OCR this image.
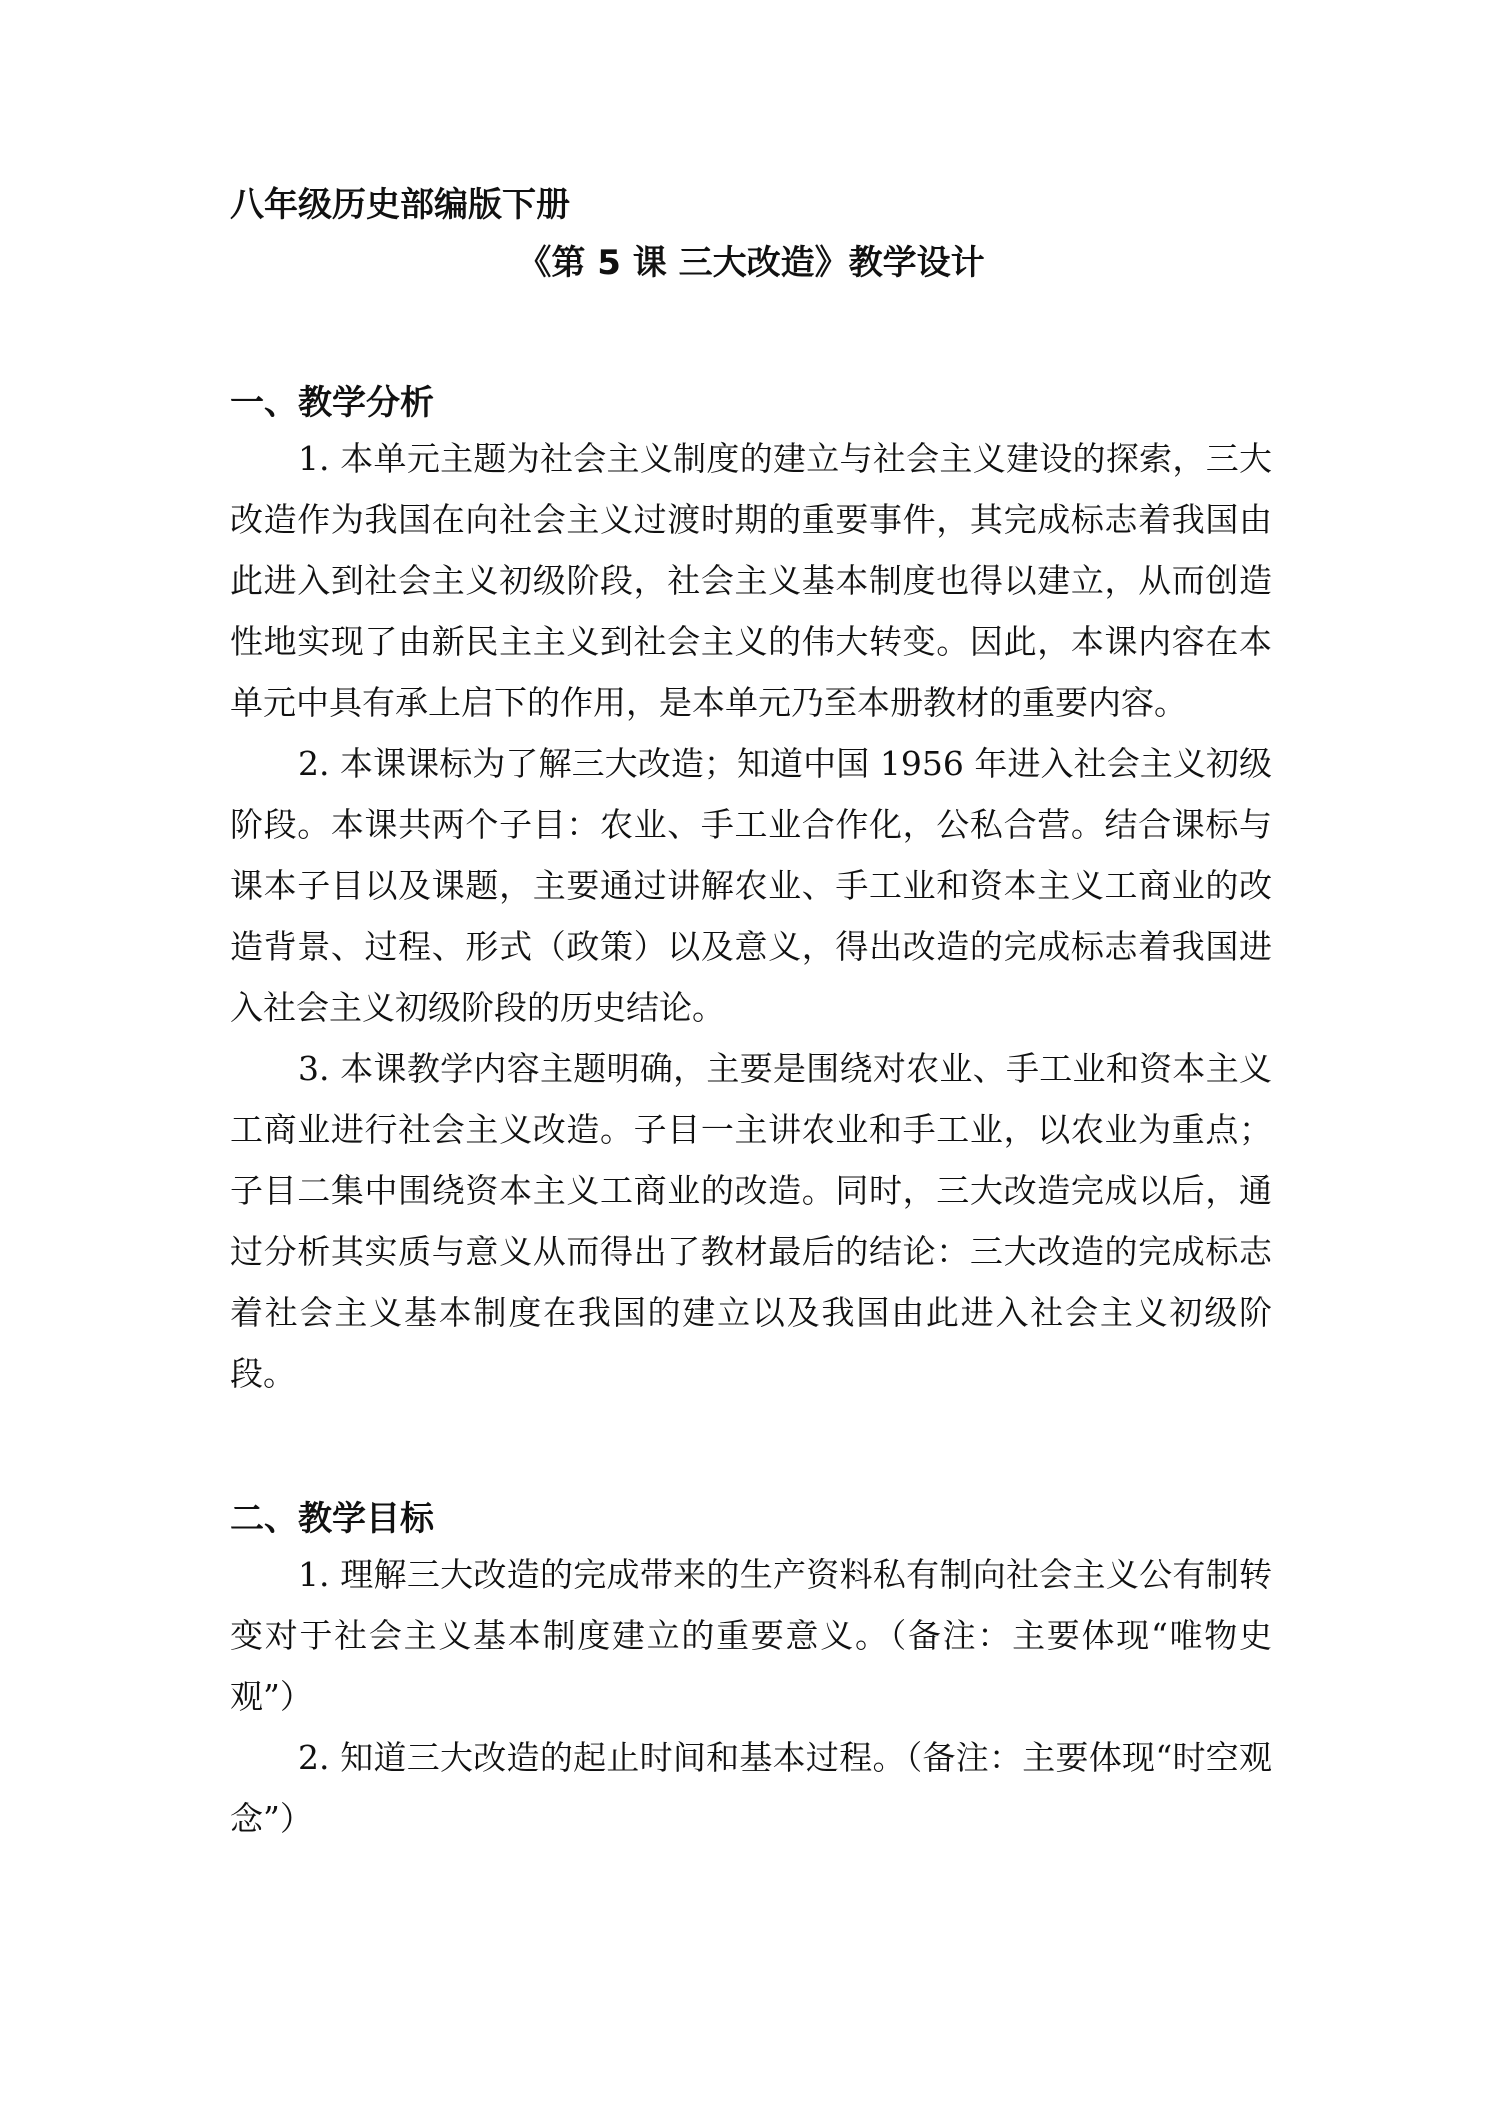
八年级历史部编版下册
《第 5 课 三大改造》教学设计
一、教学分析

1. 本单元主题为社会主义制度的建立与社会主义建设的探索，三大改造作为我国在向社会主义过渡时期的重要事件，其完成标志着我国由此进入到社会主义初级阶段，社会主义基本制度也得以建立，从而创造性地实现了由新民主主义到社会主义的伟大转变。因此，本课内容在本单元中具有承上启下的作用，是本单元乃至本册教材的重要内容。

2. 本课课标为了解三大改造；知道中国 1956 年进入社会主义初级阶段。本课共两个子目：农业、手工业合作化，公私合营。结合课标与课本子目以及课题，主要通过讲解农业、手工业和资本主义工商业的改造背景、过程、形式（政策）以及意义，得出改造的完成标志着我国进入社会主义初级阶段的历史结论。

3. 本课教学内容主题明确，主要是围绕对农业、手工业和资本主义工商业进行社会主义改造。子目一主讲农业和手工业，以农业为重点；子目二集中围绕资本主义工商业的改造。同时，三大改造完成以后，通过分析其实质与意义从而得出了教材最后的结论：三大改造的完成标志着社会主义基本制度在我国的建立以及我国由此进入社会主义初级阶段。

二、教学目标

1. 理解三大改造的完成带来的生产资料私有制向社会主义公有制转变对于社会主义基本制度建立的重要意义。（备注：主要体现“唯物史观”）

2. 知道三大改造的起止时间和基本过程。（备注：主要体现“时空观念”）
